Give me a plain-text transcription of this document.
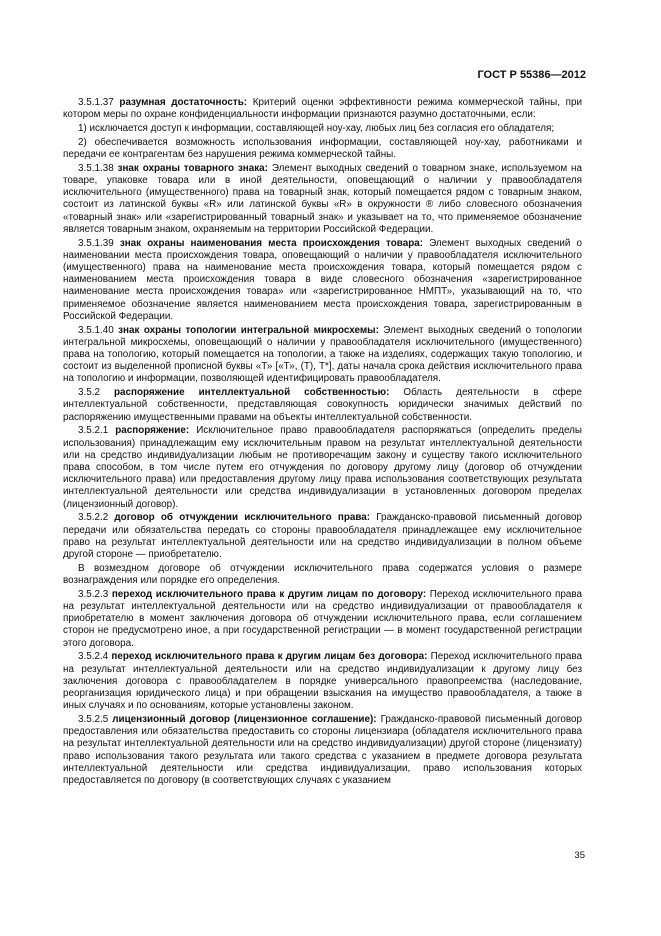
ГОСТ Р 55386—2012
3.5.1.37 разумная достаточность: Критерий оценки эффективности режима коммерческой тайны, при котором меры по охране конфиденциальности информации признаются разумно достаточными, если:
1) исключается доступ к информации, составляющей ноу-хау, любых лиц без согласия его обладателя;
2) обеспечивается возможность использования информации, составляющей ноу-хау, работниками и передачи ее контрагентам без нарушения режима коммерческой тайны.
3.5.1.38 знак охраны товарного знака: Элемент выходных сведений о товарном знаке, используемом на товаре, упаковке товара или в иной деятельности, оповещающий о наличии у правообладателя исключительного (имущественного) права на товарный знак, который помещается рядом с товарным знаком, состоит из латинской буквы «R» или латинской буквы «R» в окружности ® либо словесного обозначения «товарный знак» или «зарегистрированный товарный знак» и указывает на то, что применяемое обозначение является товарным знаком, охраняемым на территории Российской Федерации.
3.5.1.39 знак охраны наименования места происхождения товара: Элемент выходных сведений о наименовании места происхождения товара, оповещающий о наличии у правообладателя исключительного (имущественного) права на наименование места происхождения товара, который помещается рядом с наименованием места происхождения товара в виде словесного обозначения «зарегистрированное наименование места происхождения товара» или «зарегистрированное НМПТ», указывающий на то, что применяемое обозначение является наименованием места происхождения товара, зарегистрированным в Российской Федерации.
3.5.1.40 знак охраны топологии интегральной микросхемы: Элемент выходных сведений о топологии интегральной микросхемы, оповещающий о наличии у правообладателя исключительного (имущественного) права на топологию, который помещается на топологии, а также на изделиях, содержащих такую топологию, и состоит из выделенной прописной буквы «Т» [«Т», (Т), Т*], даты начала срока действия исключительного права на топологию и информации, позволяющей идентифицировать правообладателя.
3.5.2 распоряжение интеллектуальной собственностью: Область деятельности в сфере интеллектуальной собственности, представляющая совокупность юридически значимых действий по распоряжению имущественными правами на объекты интеллектуальной собственности.
3.5.2.1 распоряжение: Исключительное право правообладателя распоряжаться (определить пределы использования) принадлежащим ему исключительным правом на результат интеллектуальной деятельности или на средство индивидуализации любым не противоречащим закону и существу такого исключительного права способом, в том числе путем его отчуждения по договору другому лицу (договор об отчуждении исключительного права) или предоставления другому лицу права использования соответствующих результата интеллектуальной деятельности или средства индивидуализации в установленных договором пределах (лицензионный договор).
3.5.2.2 договор об отчуждении исключительного права: Гражданско-правовой письменный договор передачи или обязательства передать со стороны правообладателя принадлежащее ему исключительное право на результат интеллектуальной деятельности или на средство индивидуализации в полном объеме другой стороне — приобретателю.
В возмездном договоре об отчуждении исключительного права содержатся условия о размере вознаграждения или порядке его определения.
3.5.2.3 переход исключительного права к другим лицам по договору: Переход исключительного права на результат интеллектуальной деятельности или на средство индивидуализации от правообладателя к приобретателю в момент заключения договора об отчуждении исключительного права, если соглашением сторон не предусмотрено иное, а при государственной регистрации — в момент государственной регистрации этого договора.
3.5.2.4 переход исключительного права к другим лицам без договора: Переход исключительного права на результат интеллектуальной деятельности или на средство индивидуализации к другому лицу без заключения договора с правообладателем в порядке универсального правопреемства (наследование, реорганизация юридического лица) и при обращении взыскания на имущество правообладателя, а также в иных случаях и по основаниям, которые установлены законом.
3.5.2.5 лицензионный договор (лицензионное соглашение): Гражданско-правовой письменный договор предоставления или обязательства предоставить со стороны лицензиара (обладателя исключительного права на результат интеллектуальной деятельности или на средство индивидуализации) другой стороне (лицензиату) право использования такого результата или такого средства с указанием в предмете договора результата интеллектуальной деятельности или средства индивидуализации, право использования которых предоставляется по договору (в соответствующих случаях с указанием
35
